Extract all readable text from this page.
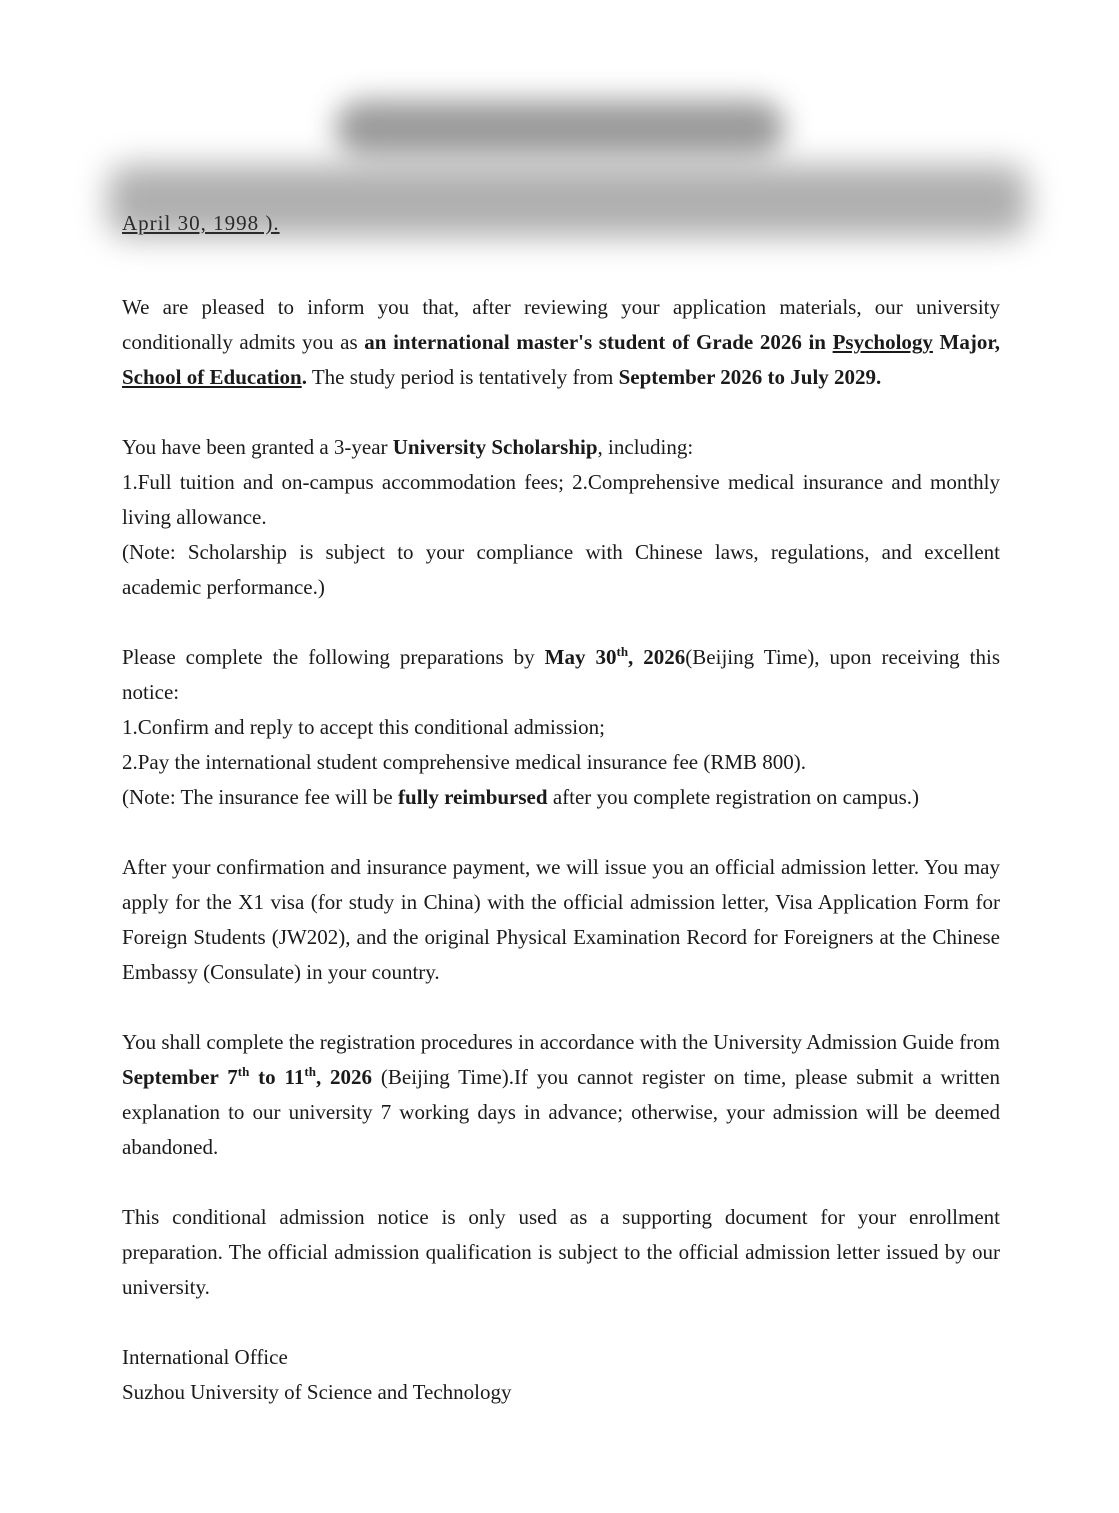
April 30, 1998 ).

We are pleased to inform you that, after reviewing your application materials, our university conditionally admits you as an international master's student of Grade 2026 in Psychology Major, School of Education. The study period is tentatively from September 2026 to July 2029.

You have been granted a 3-year University Scholarship, including:
1.Full tuition and on-campus accommodation fees; 2.Comprehensive medical insurance and monthly living allowance.
(Note: Scholarship is subject to your compliance with Chinese laws, regulations, and excellent academic performance.)

Please complete the following preparations by May 30th, 2026(Beijing Time), upon receiving this notice:
1.Confirm and reply to accept this conditional admission;
2.Pay the international student comprehensive medical insurance fee (RMB 800).
(Note: The insurance fee will be fully reimbursed after you complete registration on campus.)

After your confirmation and insurance payment, we will issue you an official admission letter. You may apply for the X1 visa (for study in China) with the official admission letter, Visa Application Form for Foreign Students (JW202), and the original Physical Examination Record for Foreigners at the Chinese Embassy (Consulate) in your country.

You shall complete the registration procedures in accordance with the University Admission Guide from September 7th to 11th, 2026 (Beijing Time).If you cannot register on time, please submit a written explanation to our university 7 working days in advance; otherwise, your admission will be deemed abandoned.

This conditional admission notice is only used as a supporting document for your enrollment preparation. The official admission qualification is subject to the official admission letter issued by our university.

International Office
Suzhou University of Science and Technology
